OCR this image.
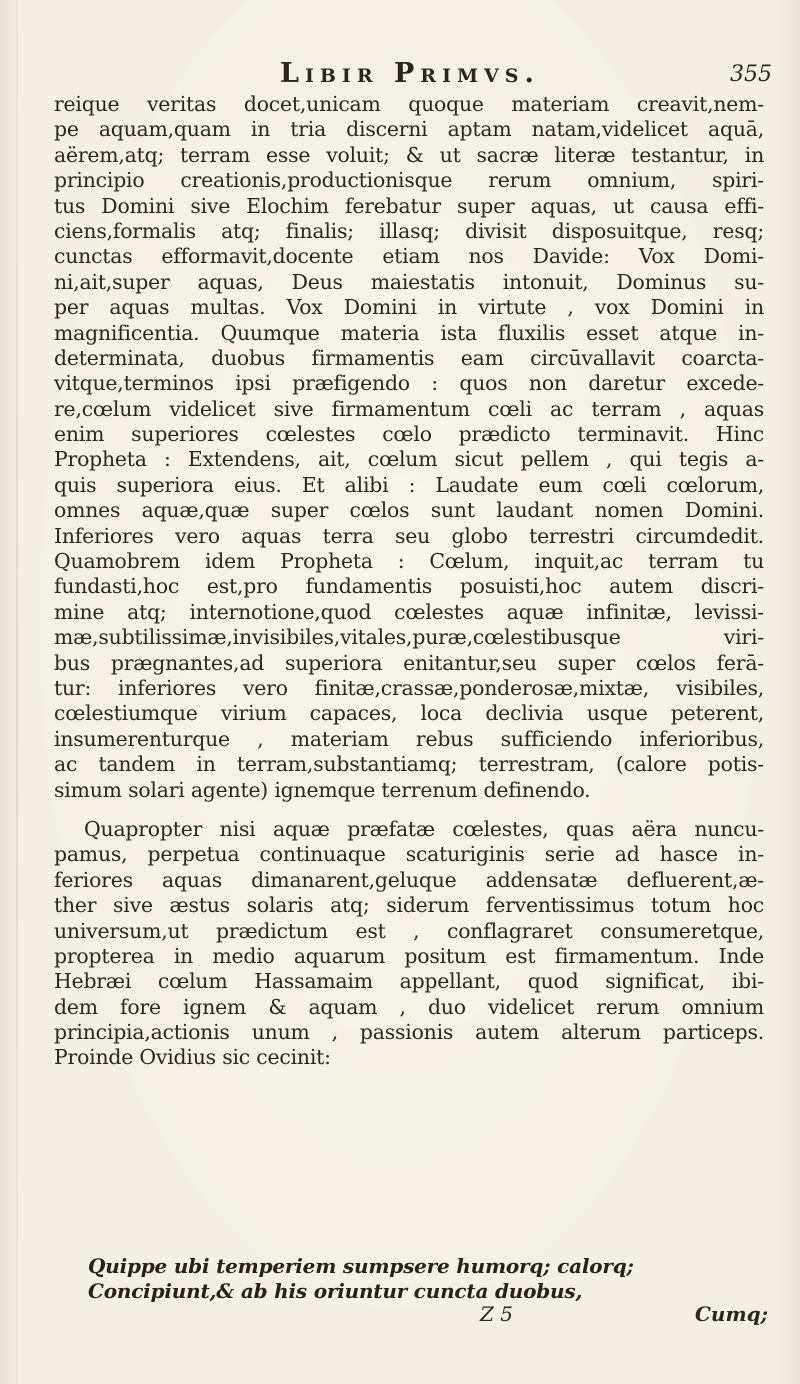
Libir Primvs.	355
reique veritas docet,unicam quoque materiam creavit,nem-
pe aquam,quam in tria discerni aptam natam,videlicet aquā,
aërem,atq; terram esse voluit; & ut sacræ literæ testantur, in
principio creationis,productionisque rerum omnium, spiri-
tus Domini sive Elochim ferebatur super aquas, ut causa effi-
ciens,formalis atq; finalis; illasq; divisit disposuitque, resq;
cunctas efformavit,docente etiam nos Davide: Vox Domi-
ni,ait,super aquas, Deus maiestatis intonuit, Dominus su-
per aquas multas. Vox Domini in virtute , vox Domini in
magnificentia. Quumque materia ista fluxilis esset atque in-
determinata, duobus firmamentis eam circūvallavit coarcta-
vitque,terminos ipsi præfigendo : quos non daretur excede-
re,cœlum videlicet sive firmamentum cœli ac terram , aquas
enim superiores cœlestes cœlo prædicto terminavit. Hinc
Propheta : Extendens, ait, cœlum sicut pellem , qui tegis a-
quis superiora eius. Et alibi : Laudate eum cœli cœlorum,
omnes aquæ,quæ super cœlos sunt laudant nomen Domini.
Inferiores vero aquas terra seu globo terrestri circumdedit.
Quamobrem idem Propheta : Cœlum, inquit,ac terram tu
fundasti,hoc est,pro fundamentis posuisti,hoc autem discri-
mine atq; internotione,quod cœlestes aquæ infinitæ, levissi-
mæ,subtilissimæ,invisibiles,vitales,puræ,cœlestibusque viri-
bus prægnantes,ad superiora enitantur,seu super cœlos ferā-
tur: inferiores vero finitæ,crassæ,ponderosæ,mixtæ, visibiles,
cœlestiumque virium capaces, loca declivia usque peterent,
insumerenturque , materiam rebus sufficiendo inferioribus,
ac tandem in terram,substantiamq; terrestram, (calore potis-
simum solari agente) ignemque terrenum definendo.
Quapropter nisi aquæ præfatæ cœlestes, quas aëra nuncu-
pamus, perpetua continuaque scaturiginis serie ad hasce in-
feriores aquas dimanarent,geluque addensatæ defluerent,æ-
ther sive æstus solaris atq; siderum ferventissimus totum hoc
universum,ut prædictum est , conflagraret consumeretque,
propterea in medio aquarum positum est firmamentum. Inde
Hebræi cœlum Hassamaim appellant, quod significat, ibi-
dem fore ignem & aquam , duo videlicet rerum omnium
principia,actionis unum , passionis autem alterum particeps.
Proinde Ovidius sic cecinit:
Quippe ubi temperiem sumpsere humorq; calorq;
Concipiunt,& ab his oriuntur cuncta duobus,
Z 5	Cumq;
